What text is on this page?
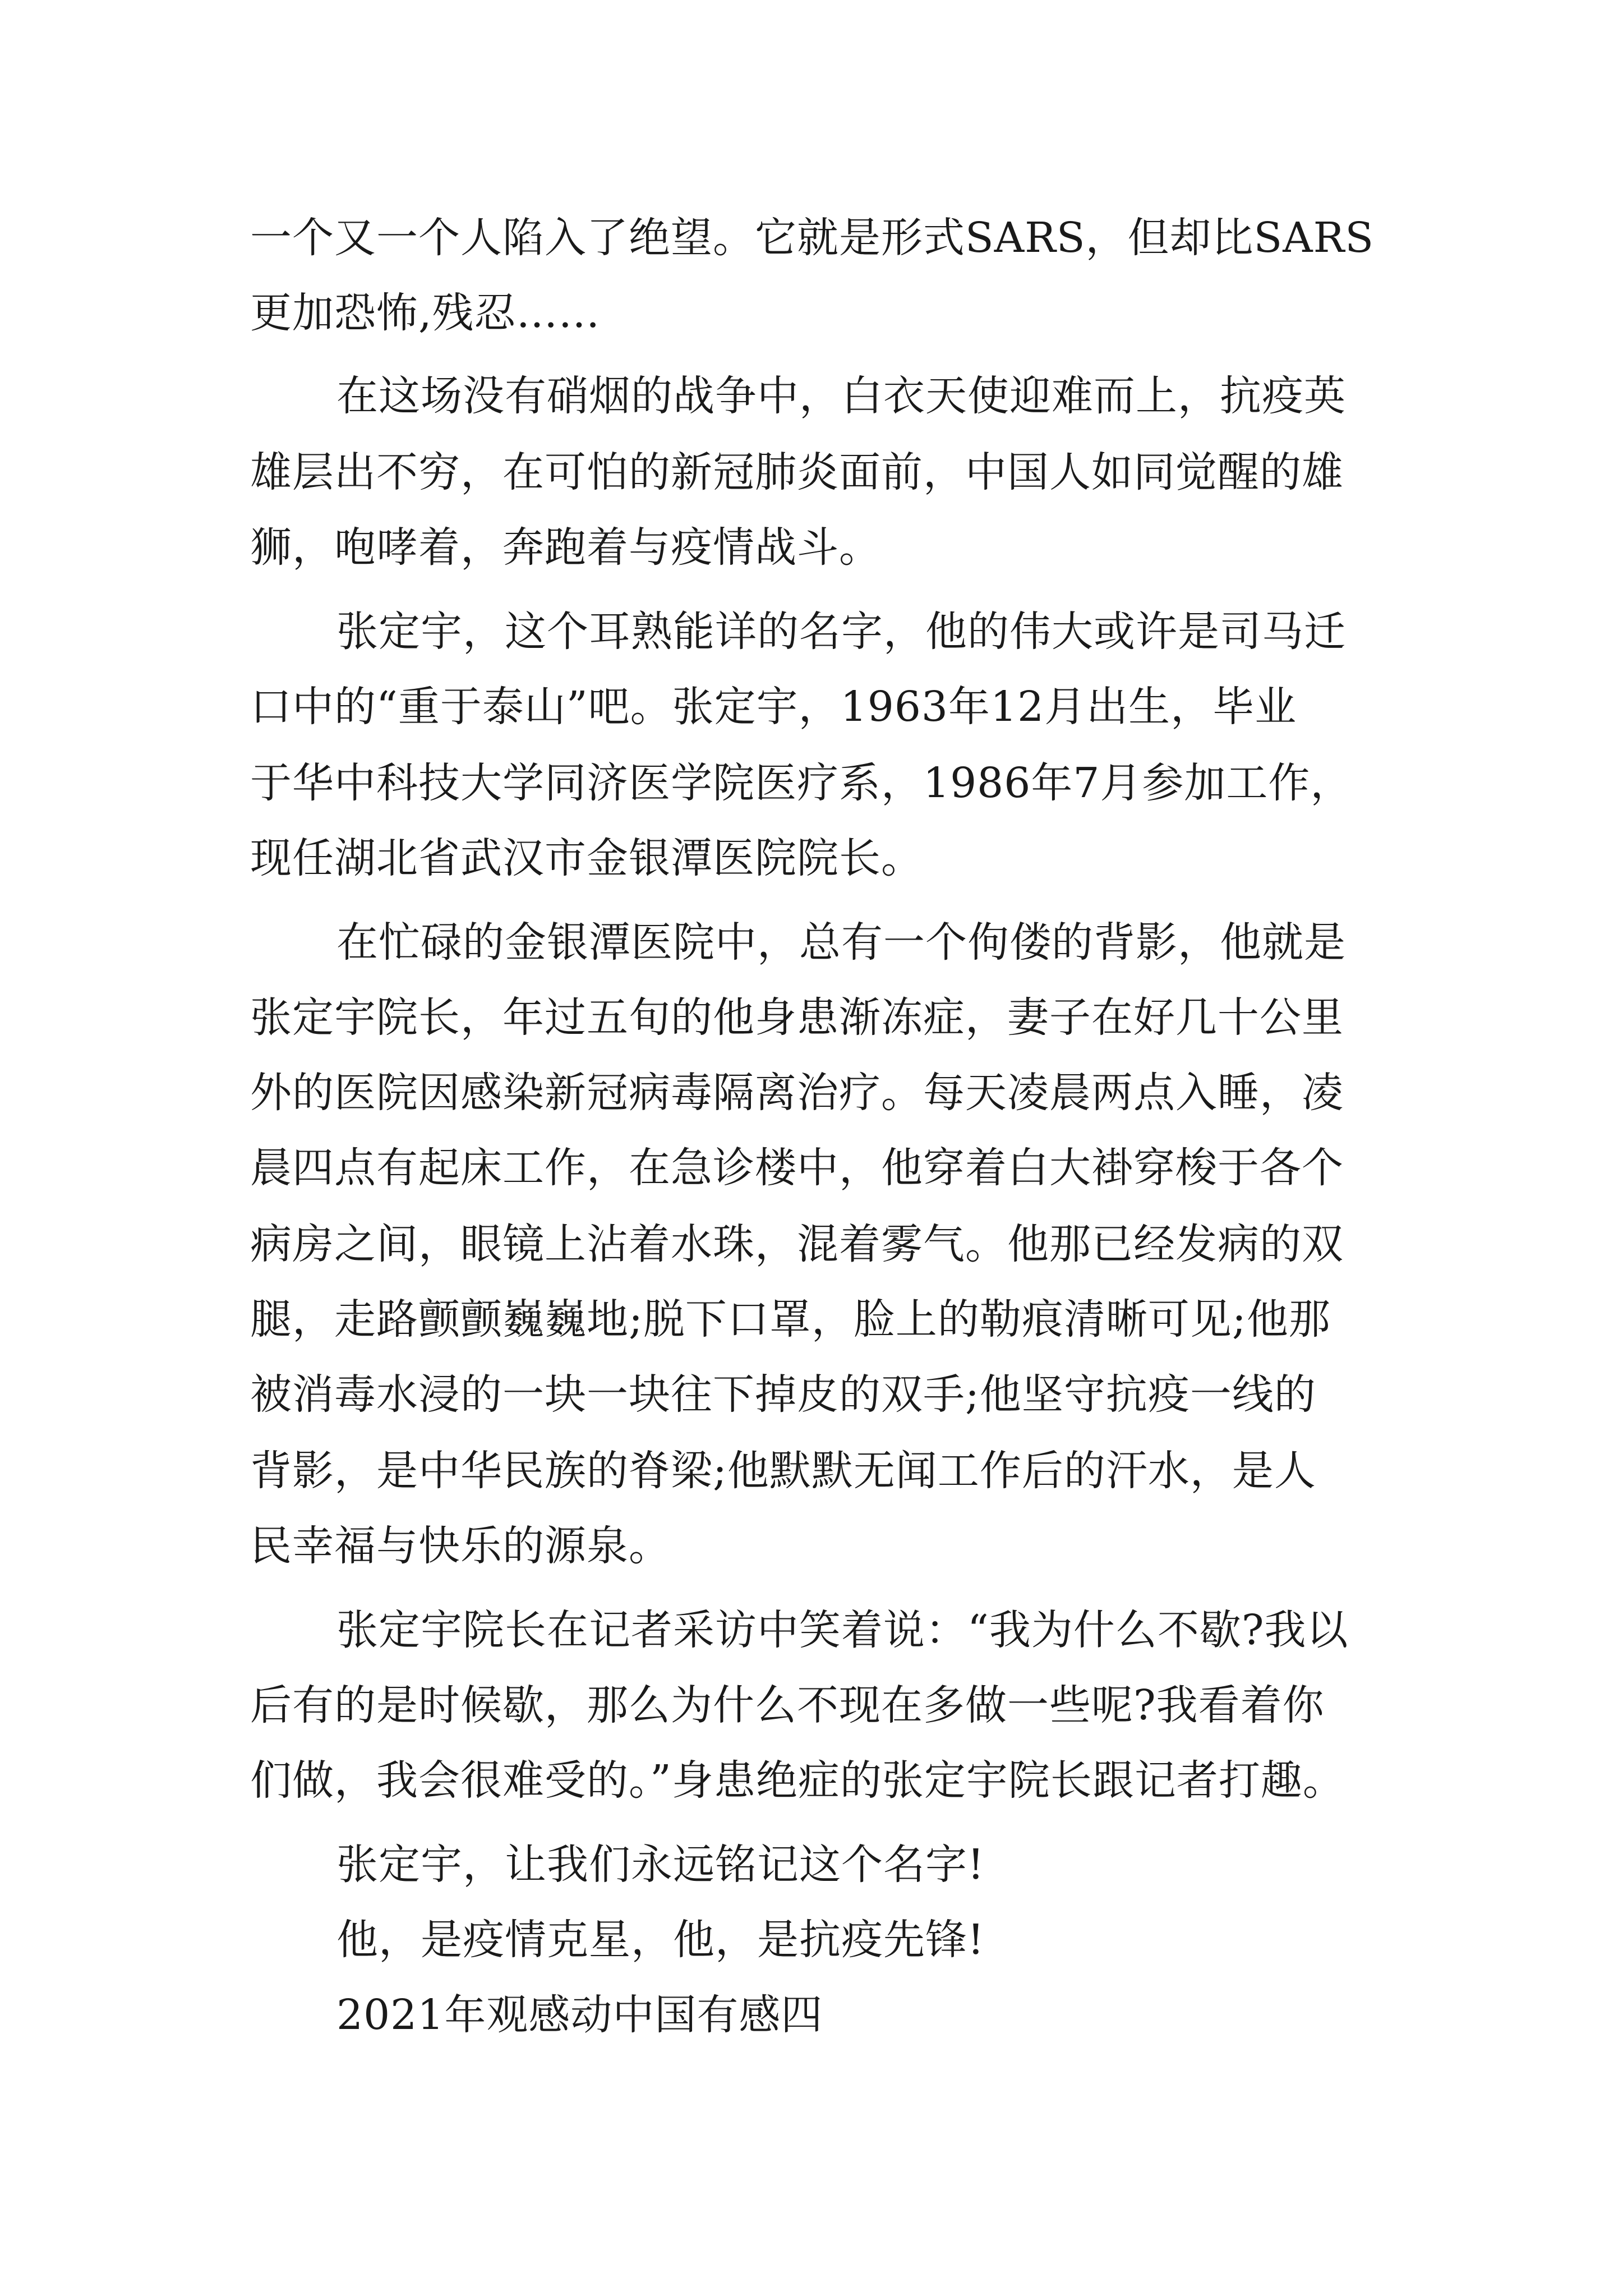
一个又一个人陷入了绝望。它就是形式SARS，但却比SARS

更加恐怖,残忍……

在这场没有硝烟的战争中，白衣天使迎难而上，抗疫英

雄层出不穷，在可怕的新冠肺炎面前，中国人如同觉醒的雄

狮，咆哮着，奔跑着与疫情战斗。

张定宇，这个耳熟能详的名字，他的伟大或许是司马迁

口中的“重于泰山”吧。张定宇，1963年12月出生，毕业

于华中科技大学同济医学院医疗系，1986年7月参加工作，

现任湖北省武汉市金银潭医院院长。

在忙碌的金银潭医院中，总有一个佝偻的背影，他就是

张定宇院长，年过五旬的他身患渐冻症，妻子在好几十公里

外的医院因感染新冠病毒隔离治疗。每天凌晨两点入睡，凌

晨四点有起床工作，在急诊楼中，他穿着白大褂穿梭于各个

病房之间，眼镜上沾着水珠，混着雾气。他那已经发病的双

腿，走路颤颤巍巍地;脱下口罩，脸上的勒痕清晰可见;他那

被消毒水浸的一块一块往下掉皮的双手;他坚守抗疫一线的

背影，是中华民族的脊梁;他默默无闻工作后的汗水，是人

民幸福与快乐的源泉。

张定宇院长在记者采访中笑着说：“我为什么不歇?我以

后有的是时候歇，那么为什么不现在多做一些呢?我看着你

们做，我会很难受的。”身患绝症的张定宇院长跟记者打趣。

张定宇，让我们永远铭记这个名字!

他，是疫情克星，他，是抗疫先锋!

2021年观感动中国有感四
